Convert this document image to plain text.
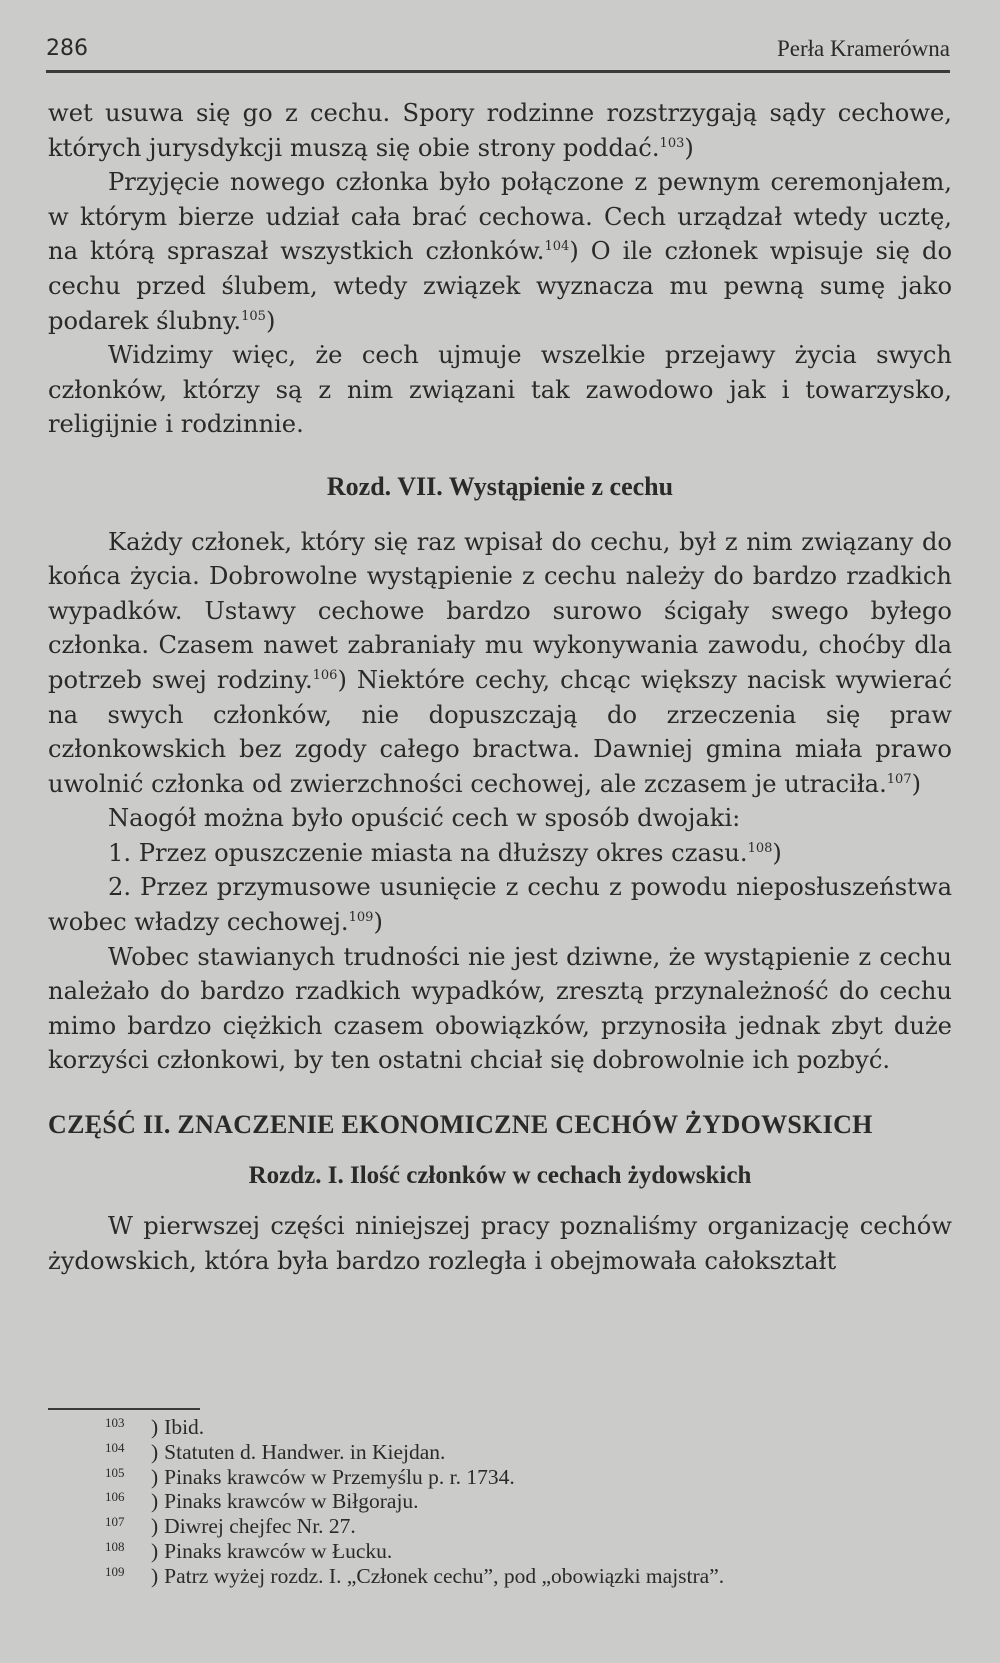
286	Perła Kramerówna

wet usuwa się go z cechu. Spory rodzinne rozstrzygają sądy cechowe, których jurysdykcji muszą się obie strony poddać.$^{103}$)

Przyjęcie nowego członka było połączone z pewnym ceremonjałem, w którym bierze udział cała brać cechowa. Cech urządzał wtedy ucztę, na którą spraszał wszystkich członków.$^{104}$) O ile członek wpisuje się do cechu przed ślubem, wtedy związek wyznacza mu pewną sumę jako podarek ślubny.$^{105}$)

Widzimy więc, że cech ujmuje wszelkie przejawy życia swych członków, którzy są z nim związani tak zawodowo jak i towarzysko, religijnie i rodzinnie.

Rozd. VII. Wystąpienie z cechu

Każdy członek, który się raz wpisał do cechu, był z nim związany do końca życia. Dobrowolne wystąpienie z cechu należy do bardzo rzadkich wypadków. Ustawy cechowe bardzo surowo ścigały swego byłego członka. Czasem nawet zabraniały mu wykonywania zawodu, choćby dla potrzeb swej rodziny.$^{106}$) Niektóre cechy, chcąc większy nacisk wywierać na swych członków, nie dopuszczają do zrzeczenia się praw członkowskich bez zgody całego bractwa. Dawniej gmina miała prawo uwolnić członka od zwierzchności cechowej, ale zczasem je utraciła.$^{107}$)

Naogół można było opuścić cech w sposób dwojaki:

1. Przez opuszczenie miasta na dłuższy okres czasu.$^{108}$)

2. Przez przymusowe usunięcie z cechu z powodu nieposłuszeństwa wobec władzy cechowej.$^{109}$)

Wobec stawianych trudności nie jest dziwne, że wystąpienie z cechu należało do bardzo rzadkich wypadków, zresztą przynależność do cechu mimo bardzo ciężkich czasem obowiązków, przynosiła jednak zbyt duże korzyści członkowi, by ten ostatni chciał się dobrowolnie ich pozbyć.

CZĘŚĆ II. ZNACZENIE EKONOMICZNE CECHÓW ŻYDOWSKICH

Rozdz. I. Ilość członków w cechach żydowskich

W pierwszej części niniejszej pracy poznaliśmy organizację cechów żydowskich, która była bardzo rozległa i obejmowała całokształt

103 ) Ibid.
104 ) Statuten d. Handwer. in Kiejdan.
105 ) Pinaks krawców w Przemyślu p. r. 1734.
106 ) Pinaks krawców w Biłgoraju.
107 ) Diwrej chejfec Nr. 27.
108 ) Pinaks krawców w Łucku.
109 ) Patrz wyżej rozdz. I. „Członek cechu”, pod „obowiązki majstra”.
